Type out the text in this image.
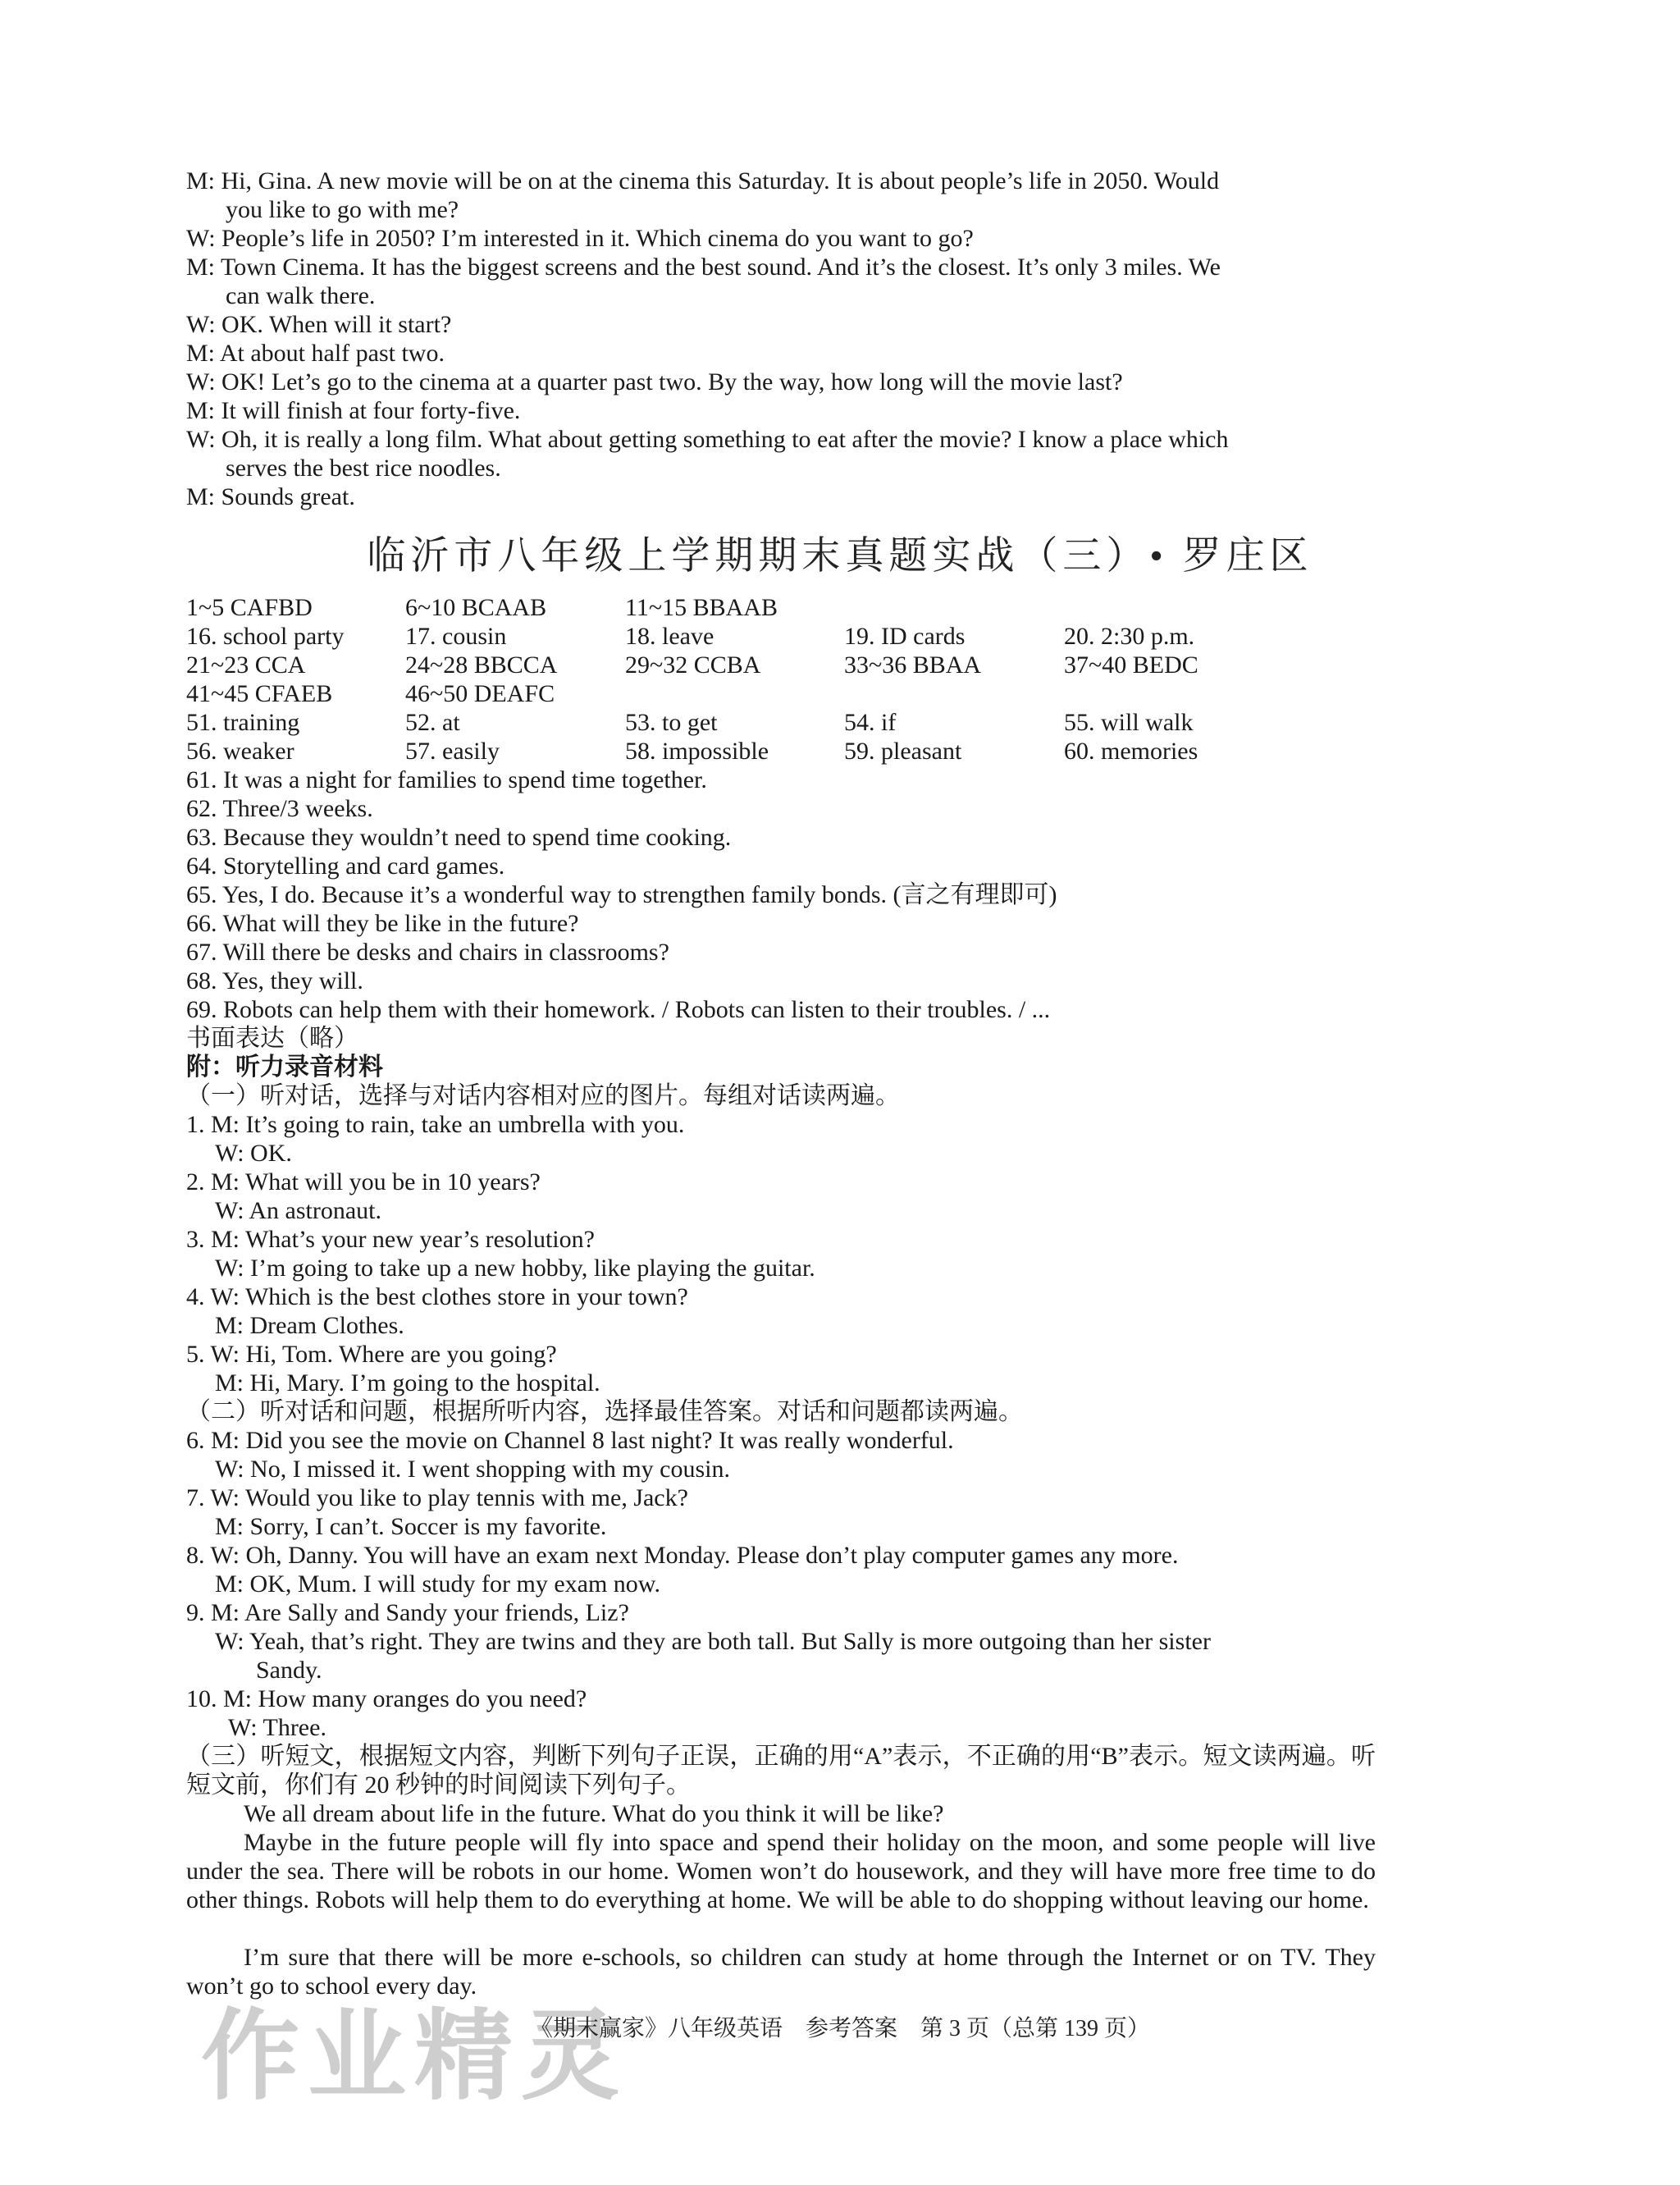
M: Hi, Gina. A new movie will be on at the cinema this Saturday. It is about people’s life in 2050. Would
you like to go with me?
W: People’s life in 2050? I’m interested in it. Which cinema do you want to go?
M: Town Cinema. It has the biggest screens and the best sound. And it’s the closest. It’s only 3 miles. We
can walk there.
W: OK. When will it start?
M: At about half past two.
W: OK! Let’s go to the cinema at a quarter past two. By the way, how long will the movie last?
M: It will finish at four forty-five.
W: Oh, it is really a long film. What about getting something to eat after the movie? I know a place which
serves the best rice noodles.
M: Sounds great.
临沂市八年级上学期期末真题实战（三）• 罗庄区
1~5 CAFBD	6~10 BCAAB	11~15 BBAAB
16. school party 17. cousin	18. leave	19. ID cards	20. 2:30 p.m.
21~23 CCA	24~28 BBCCA	29~32 CCBA	33~36 BBAA	37~40 BEDC
41~45 CFAEB	46~50 DEAFC
51. training	52. at	53. to get	54. if	55. will walk
56. weaker	57. easily	58. impossible	59. pleasant	60. memories
61. It was a night for families to spend time together.
62. Three/3 weeks.
63. Because they wouldn’t need to spend time cooking.
64. Storytelling and card games.
65. Yes, I do. Because it’s a wonderful way to strengthen family bonds. (言之有理即可)
66. What will they be like in the future?
67. Will there be desks and chairs in classrooms?
68. Yes, they will.
69. Robots can help them with their homework. / Robots can listen to their troubles. / ...
书面表达（略）
附：听力录音材料
（一）听对话，选择与对话内容相对应的图片。每组对话读两遍。
1. M: It’s going to rain, take an umbrella with you.
W: OK.
2. M: What will you be in 10 years?
W: An astronaut.
3. M: What’s your new year’s resolution?
W: I’m going to take up a new hobby, like playing the guitar.
4. W: Which is the best clothes store in your town?
M: Dream Clothes.
5. W: Hi, Tom. Where are you going?
M: Hi, Mary. I’m going to the hospital.
（二）听对话和问题，根据所听内容，选择最佳答案。对话和问题都读两遍。
6. M: Did you see the movie on Channel 8 last night? It was really wonderful.
W: No, I missed it. I went shopping with my cousin.
7. W: Would you like to play tennis with me, Jack?
M: Sorry, I can’t. Soccer is my favorite.
8. W: Oh, Danny. You will have an exam next Monday. Please don’t play computer games any more.
M: OK, Mum. I will study for my exam now.
9. M: Are Sally and Sandy your friends, Liz?
W: Yeah, that’s right. They are twins and they are both tall. But Sally is more outgoing than her sister
Sandy.
10. M: How many oranges do you need?
W: Three.
（三）听短文，根据短文内容，判断下列句子正误，正确的用“A”表示，不正确的用“B”表示。短文读两遍。听短文前，你们有 20 秒钟的时间阅读下列句子。
We all dream about life in the future. What do you think it will be like?
Maybe in the future people will fly into space and spend their holiday on the moon, and some people will live under the sea. There will be robots in our home. Women won’t do housework, and they will have more free time to do other things. Robots will help them to do everything at home. We will be able to do shopping without leaving our home.
I’m sure that there will be more e-schools, so children can study at home through the Internet or on TV. They won’t go to school every day.
作业精灵
《期末赢家》八年级英语　参考答案　第 3 页（总第 139 页）
